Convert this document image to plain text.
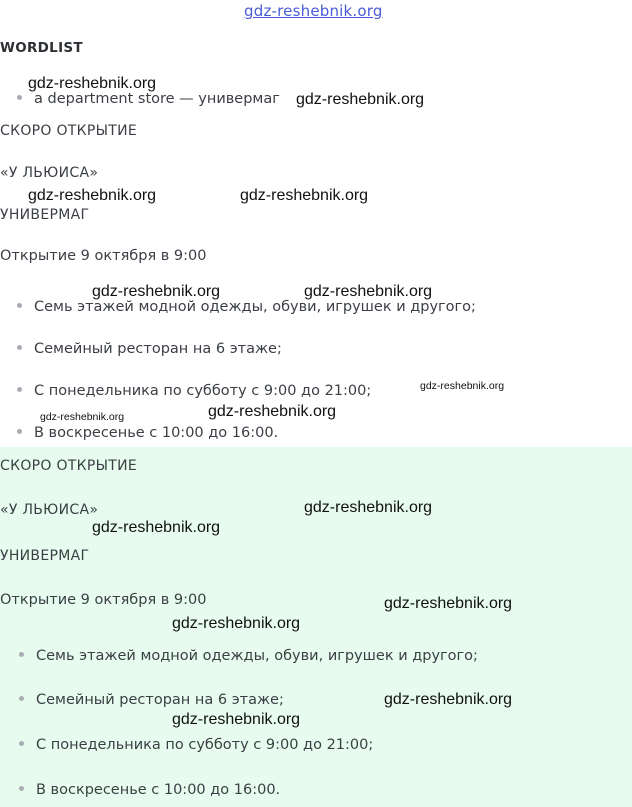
gdz-reshebnik.org
WORDLIST
a department store — универмаг
СКОРО ОТКРЫТИЕ
«У ЛЬЮИСА»
УНИВЕРМАГ
Открытие 9 октября в 9:00
Семь этажей модной одежды, обуви, игрушек и другого;
Семейный ресторан на 6 этаже;
С понедельника по субботу с 9:00 до 21:00;
В воскресенье с 10:00 до 16:00.
СКОРО ОТКРЫТИЕ
«У ЛЬЮИСА»
УНИВЕРМАГ
Открытие 9 октября в 9:00
Семь этажей модной одежды, обуви, игрушек и другого;
Семейный ресторан на 6 этаже;
С понедельника по субботу с 9:00 до 21:00;
В воскресенье с 10:00 до 16:00.
gdz-reshebnik.org
gdz-reshebnik.org
gdz-reshebnik.org	gdz-reshebnik.org
gdz-reshebnik.org	gdz-reshebnik.org
gdz-reshebnik.org
gdz-reshebnik.org	gdz-reshebnik.org
gdz-reshebnik.org
gdz-reshebnik.org
gdz-reshebnik.org
gdz-reshebnik.org
gdz-reshebnik.org
gdz-reshebnik.org
